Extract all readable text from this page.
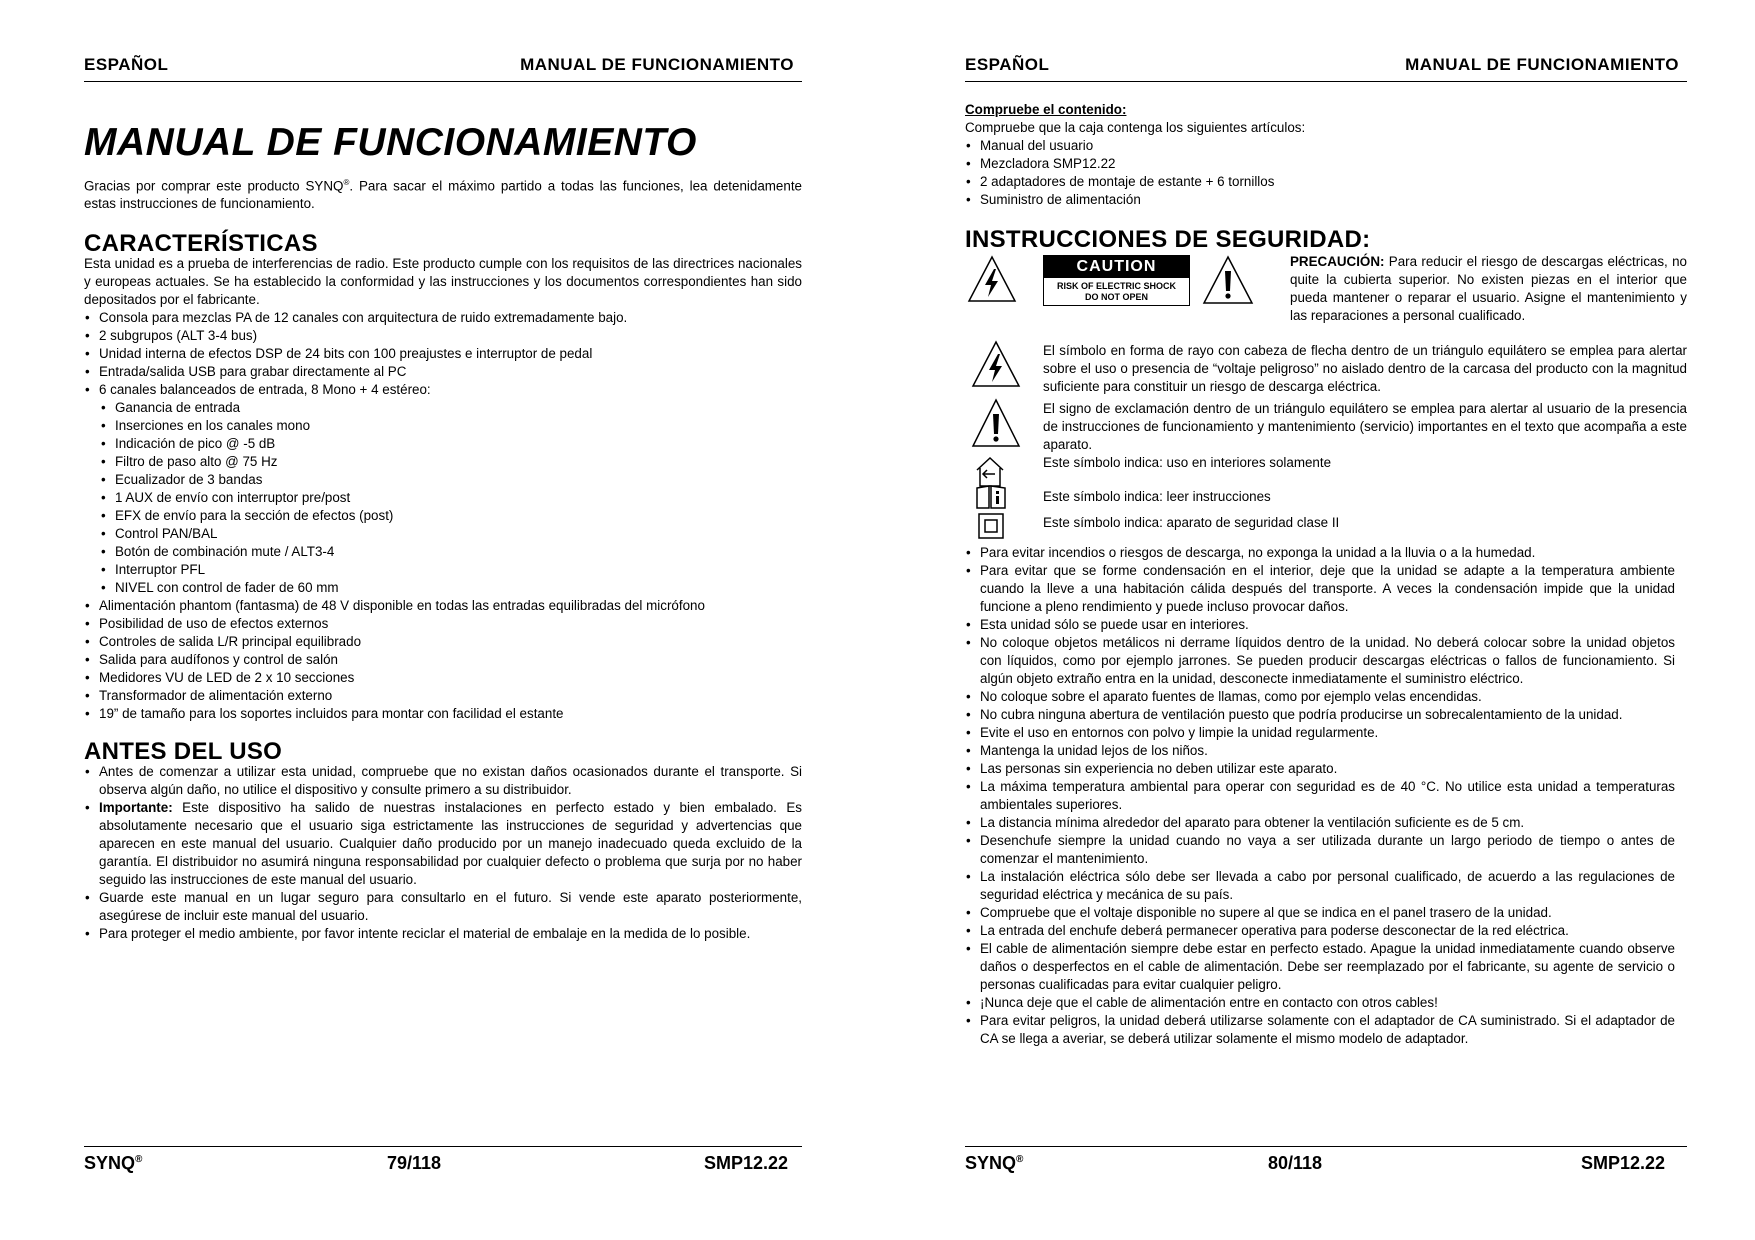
ESPAÑOL	MANUAL DE FUNCIONAMIENTO
MANUAL DE FUNCIONAMIENTO

Gracias por comprar este producto SYNQ®. Para sacar el máximo partido a todas las funciones, lea detenidamente estas instrucciones de funcionamiento.

CARACTERÍSTICAS

Esta unidad es a prueba de interferencias de radio. Este producto cumple con los requisitos de las directrices nacionales y europeas actuales. Se ha establecido la conformidad y las instrucciones y los documentos correspondientes han sido depositados por el fabricante.

• Consola para mezclas PA de 12 canales con arquitectura de ruido extremadamente bajo.
• 2 subgrupos (ALT 3-4 bus)
• Unidad interna de efectos DSP de 24 bits con 100 preajustes e interruptor de pedal
• Entrada/salida USB para grabar directamente al PC
• 6 canales balanceados de entrada, 8 Mono + 4 estéreo:
• Ganancia de entrada
• Inserciones en los canales mono
• Indicación de pico @ -5 dB
• Filtro de paso alto @ 75 Hz
• Ecualizador de 3 bandas
• 1 AUX de envío con interruptor pre/post
• EFX de envío para la sección de efectos (post)
• Control PAN/BAL
• Botón de combinación mute / ALT3-4
• Interruptor PFL
• NIVEL con control de fader de 60 mm
• Alimentación phantom (fantasma) de 48 V disponible en todas las entradas equilibradas del micrófono
• Posibilidad de uso de efectos externos
• Controles de salida L/R principal equilibrado
• Salida para audífonos y control de salón
• Medidores VU de LED de 2 x 10 secciones
• Transformador de alimentación externo
• 19” de tamaño para los soportes incluidos para montar con facilidad el estante
ANTES DEL USO
• Antes de comenzar a utilizar esta unidad, compruebe que no existan daños ocasionados durante el transporte. Si observa algún daño, no utilice el dispositivo y consulte primero a su distribuidor.
• Importante: Este dispositivo ha salido de nuestras instalaciones en perfecto estado y bien embalado. Es absolutamente necesario que el usuario siga estrictamente las instrucciones de seguridad y advertencias que aparecen en este manual del usuario. Cualquier daño producido por un manejo inadecuado queda excluido de la garantía. El distribuidor no asumirá ninguna responsabilidad por cualquier defecto o problema que surja por no haber seguido las instrucciones de este manual del usuario.
• Guarde este manual en un lugar seguro para consultarlo en el futuro. Si vende este aparato posteriormente, asegúrese de incluir este manual del usuario.
• Para proteger el medio ambiente, por favor intente reciclar el material de embalaje en la medida de lo posible.
SYNQ®	79/118	SMP12.22
ESPAÑOL	MANUAL DE FUNCIONAMIENTO
Compruebe el contenido:

Compruebe que la caja contenga los siguientes artículos:

• Manual del usuario
• Mezcladora SMP12.22
• 2 adaptadores de montaje de estante + 6 tornillos
• Suministro de alimentación
INSTRUCCIONES DE SEGURIDAD:
CAUTION
RISK OF ELECTRIC SHOCK
DO NOT OPEN

PRECAUCIÓN: Para reducir el riesgo de descargas eléctricas, no quite la cubierta superior. No existen piezas en el interior que pueda mantener o reparar el usuario. Asigne el mantenimiento y las reparaciones a personal cualificado.

El símbolo en forma de rayo con cabeza de flecha dentro de un triángulo equilátero se emplea para alertar sobre el uso o presencia de “voltaje peligroso” no aislado dentro de la carcasa del producto con la magnitud suficiente para constituir un riesgo de descarga eléctrica.

El signo de exclamación dentro de un triángulo equilátero se emplea para alertar al usuario de la presencia de instrucciones de funcionamiento y mantenimiento (servicio) importantes en el texto que acompaña a este aparato.

Este símbolo indica: uso en interiores solamente

Este símbolo indica: leer instrucciones

Este símbolo indica: aparato de seguridad clase II

• Para evitar incendios o riesgos de descarga, no exponga la unidad a la lluvia o a la humedad.
• Para evitar que se forme condensación en el interior, deje que la unidad se adapte a la temperatura ambiente cuando la lleve a una habitación cálida después del transporte. A veces la condensación impide que la unidad funcione a pleno rendimiento y puede incluso provocar daños.
• Esta unidad sólo se puede usar en interiores.
• No coloque objetos metálicos ni derrame líquidos dentro de la unidad. No deberá colocar sobre la unidad objetos con líquidos, como por ejemplo jarrones. Se pueden producir descargas eléctricas o fallos de funcionamiento. Si algún objeto extraño entra en la unidad, desconecte inmediatamente el suministro eléctrico.
• No coloque sobre el aparato fuentes de llamas, como por ejemplo velas encendidas.
• No cubra ninguna abertura de ventilación puesto que podría producirse un sobrecalentamiento de la unidad.
• Evite el uso en entornos con polvo y limpie la unidad regularmente.
• Mantenga la unidad lejos de los niños.
• Las personas sin experiencia no deben utilizar este aparato.
• La máxima temperatura ambiental para operar con seguridad es de 40 °C. No utilice esta unidad a temperaturas ambientales superiores.
• La distancia mínima alrededor del aparato para obtener la ventilación suficiente es de 5 cm.
• Desenchufe siempre la unidad cuando no vaya a ser utilizada durante un largo periodo de tiempo o antes de comenzar el mantenimiento.
• La instalación eléctrica sólo debe ser llevada a cabo por personal cualificado, de acuerdo a las regulaciones de seguridad eléctrica y mecánica de su país.
• Compruebe que el voltaje disponible no supere al que se indica en el panel trasero de la unidad.
• La entrada del enchufe deberá permanecer operativa para poderse desconectar de la red eléctrica.
• El cable de alimentación siempre debe estar en perfecto estado. Apague la unidad inmediatamente cuando observe daños o desperfectos en el cable de alimentación. Debe ser reemplazado por el fabricante, su agente de servicio o personas cualificadas para evitar cualquier peligro.
• ¡Nunca deje que el cable de alimentación entre en contacto con otros cables!
• Para evitar peligros, la unidad deberá utilizarse solamente con el adaptador de CA suministrado. Si el adaptador de CA se llega a averiar, se deberá utilizar solamente el mismo modelo de adaptador.
SYNQ®	80/118	SMP12.22
